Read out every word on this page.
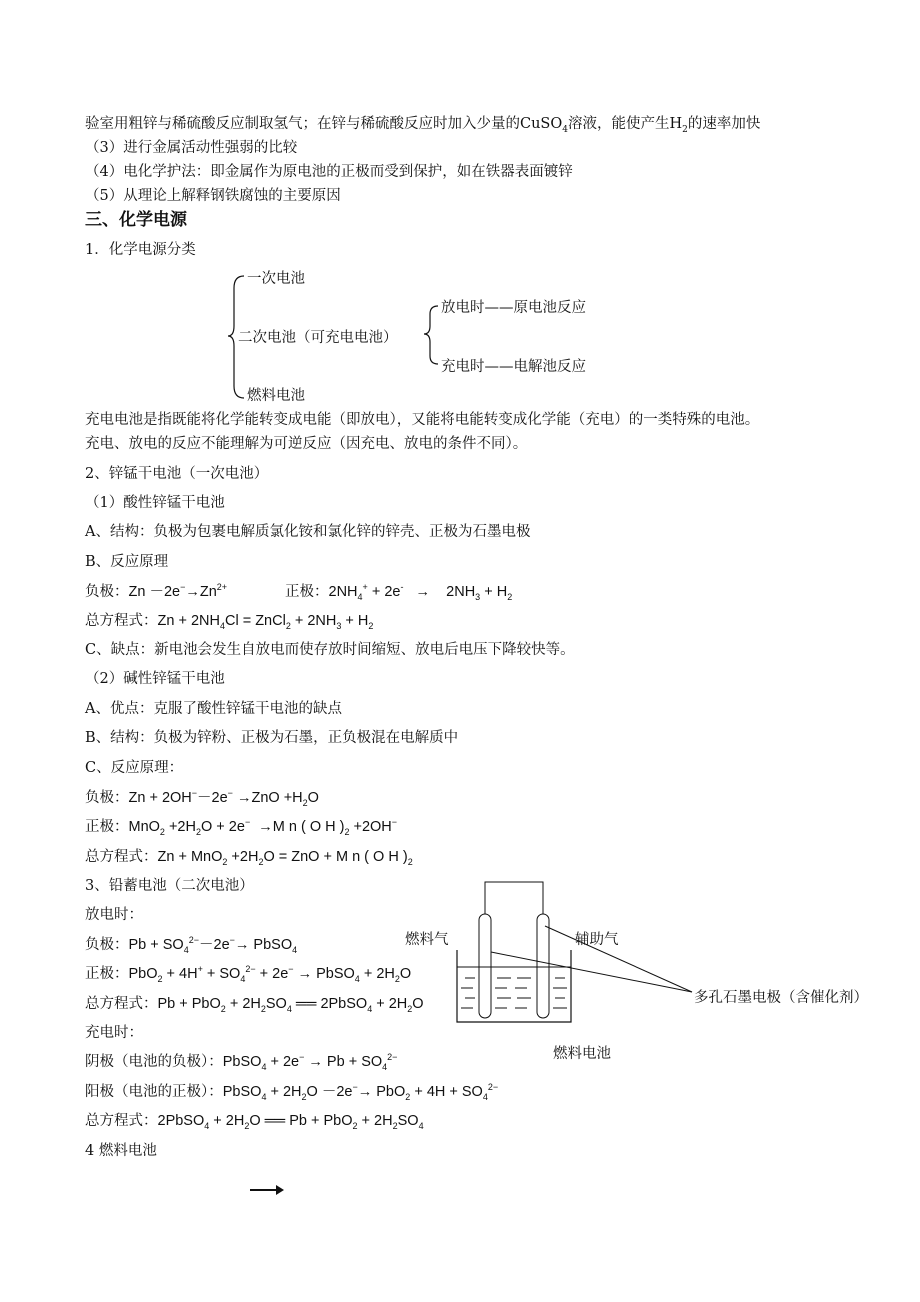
验室用粗锌与稀硫酸反应制取氢气；在锌与稀硫酸反应时加入少量的CuSO$_4$溶液，能使产生$H_2$的速率加快
（3）进行金属活动性强弱的比较
（4）电化学护法：即金属作为原电池的正极而受到保护，如在铁器表面镀锌
（5）从理论上解释钢铁腐蚀的主要原因
三、化学电源
1．化学电源分类
一次电池
二次电池（可充电电池）
放电时——原电池反应
充电时——电解池反应
燃料电池
充电电池是指既能将化学能转变成电能（即放电），又能将电能转变成化学能（充电）的一类特殊的电池。
充电、放电的反应不能理解为可逆反应（因充电、放电的条件不同）。
2、锌锰干电池（一次电池）
（1）酸性锌锰干电池
A、结构：负极为包裹电解质氯化铵和氯化锌的锌壳、正极为石墨电极
B、反应原理
负极：$Zn -2e^-\to Zn^{2+}$	正极：$2NH_4^+ + 2e^-$   →    $2NH_3 + H_2$
总方程式：$Zn + 2NH_4Cl$ = ZnCl$_2$ + $2NH_3 + H_2$
C、缺点：新电池会发生自放电而使存放时间缩短、放电后电压下降较快等。
（2）碱性锌锰干电池
A、优点：克服了酸性锌锰干电池的缺点
B、结构：负极为锌粉、正极为石墨，正负极混在电解质中
C、反应原理：
负极：$Zn + 2OH^--2e^- \to ZnO +H_2O$
正极：$MnO_2 +2H_2O + 2e^- \to M$ n ( O H )$_2 +2OH^-$
总方程式：$Zn + MnO_2 +2H_2O$ = ZnO + M n ( O H )$_2$
3、铅蓄电池（二次电池）
放电时：
负极：$Pb + SO_4^{2-}-2e^-\to$ PbSO$_4$
正极：$PbO_2 + 4H^+ + SO_4^{2-} + 2e^-$ → PbSO$_4$ + $2H_2O$
总方程式：$Pb + PbO_2 + 2H_2SO_4$ ══ 2PbSO$_4$ + $2H_2O$
充电时：
阴极（电池的负极）：PbSO$_4$ + $2e^- \to Pb + SO_4^{2-}$
阳极（电池的正极）：PbSO$_4$ + $2H_2O -2e^-\to PbO_2 + 4H + SO_4^{2-}$
总方程式：2PbSO$_4$ + $2H_2O$ ══ $Pb + PbO_2 + 2H_2SO_4$
4 燃料电池
燃料气	辅助气
多孔石墨电极（含催化剂）
燃料电池
